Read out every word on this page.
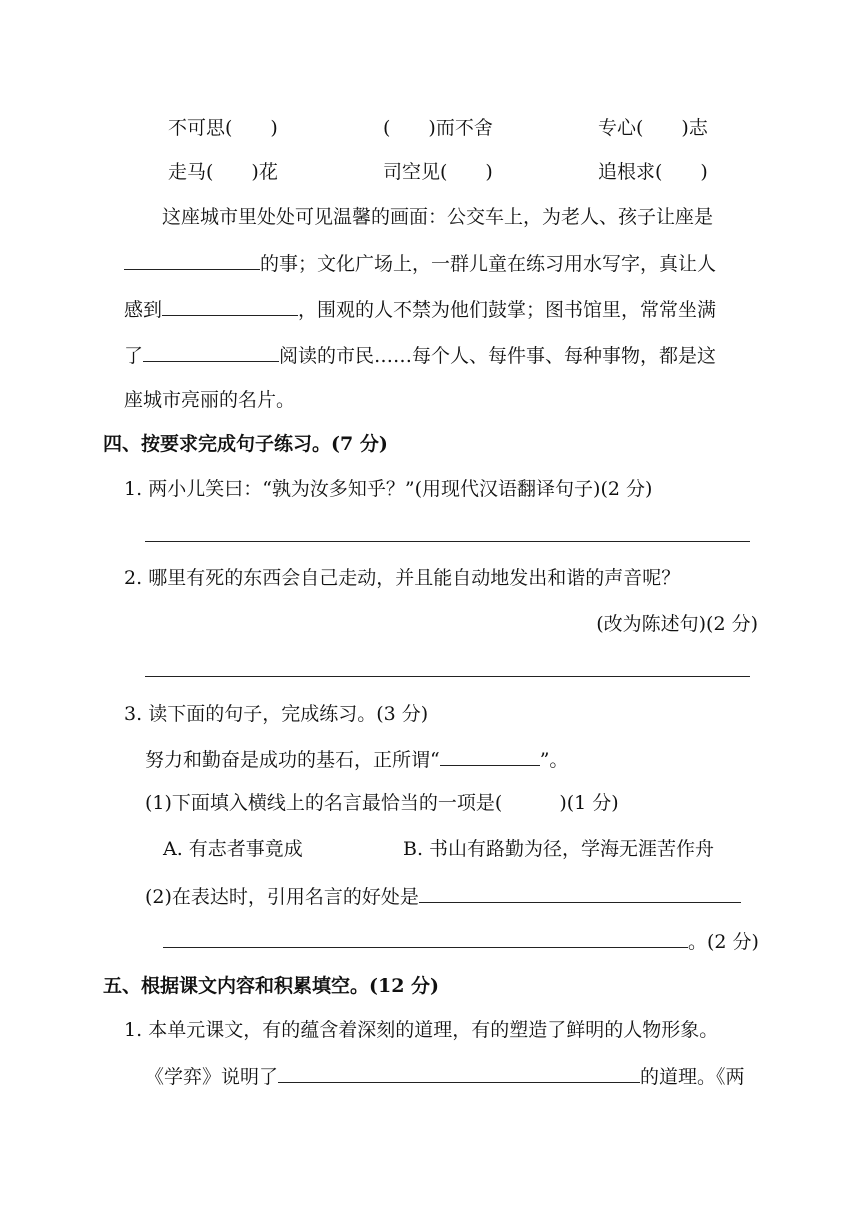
不可思(　　)	(　　)而不舍	专心(　　)志
走马(　　)花	司空见(　　)	追根求(　　)
这座城市里处处可见温馨的画面：公交车上，为老人、孩子让座是
的事；文化广场上，一群儿童在练习用水写字，真让人
感到	，围观的人不禁为他们鼓掌；图书馆里，常常坐满
了	阅读的市民……每个人、每件事、每种事物，都是这
座城市亮丽的名片。
四、按要求完成句子练习。(7 分)
1. 两小儿笑曰：“孰为汝多知乎？”(用现代汉语翻译句子)(2 分)
2. 哪里有死的东西会自己走动，并且能自动地发出和谐的声音呢？
(改为陈述句)(2 分)
3. 读下面的句子，完成练习。(3 分)
努力和勤奋是成功的基石，正所谓“	”。
(1)下面填入横线上的名言最恰当的一项是(　　　)(1 分)
A. 有志者事竟成	B. 书山有路勤为径，学海无涯苦作舟
(2)在表达时，引用名言的好处是
。(2 分)
五、根据课文内容和积累填空。(12 分)
1. 本单元课文，有的蕴含着深刻的道理，有的塑造了鲜明的人物形象。
《学弈》说明了	的道理。《两
